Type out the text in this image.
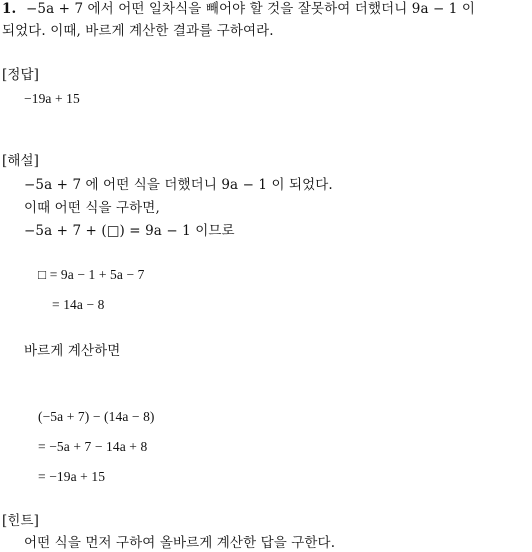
1. −5a + 7 에서 어떤 일차식을 빼어야 할 것을 잘못하여 더했더니 9a − 1 이
되었다. 이때, 바르게 계산한 결과를 구하여라.
[정답]
−19a + 15
[해설]
−5a + 7 에 어떤 식을 더했더니 9a − 1 이 되었다.
이때 어떤 식을 구하면,
−5a + 7 + (□) = 9a − 1 이므로
□ = 9a − 1 + 5a − 7
= 14a − 8
바르게 계산하면
(−5a + 7) − (14a − 8)
= −5a + 7 − 14a + 8
= −19a + 15
[힌트]
어떤 식을 먼저 구하여 올바르게 계산한 답을 구한다.
